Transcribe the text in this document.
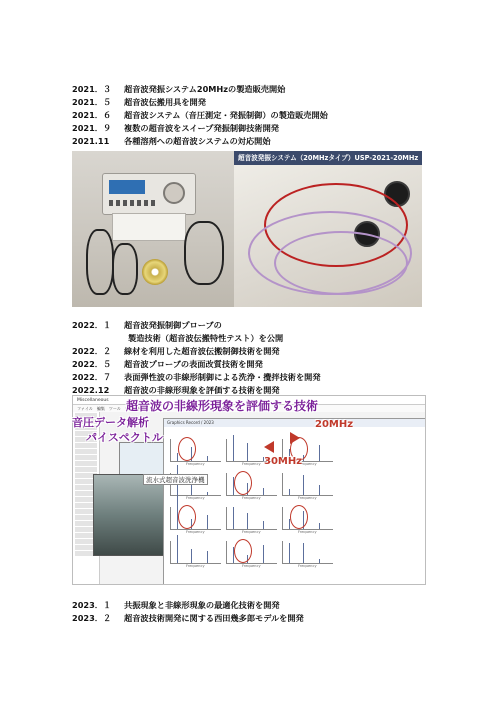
2021．３ 超音波発振システム20MHzの製造販売開始
2021．５ 超音波伝搬用具を開発
2021．６ 超音波システム（音圧測定・発振制御）の製造販売開始
2021．９ 複数の超音波をスイープ発振制御技術開発
2021.11 各種溶剤への超音波システムの対応開始
超音波発振システム（20MHzタイプ）USP-2021-20MHz
2022．１ 超音波発振制御プローブの
製造技術（超音波伝搬特性テスト）を公開
2022．２ 線材を利用した超音波伝搬制御技術を開発
2022．５ 超音波プローブの表面改質技術を開発
2022．７ 表面弾性波の非線形制御による洗浄・攪拌技術を開発
2022.12 超音波の非線形現象を評価する技術を開発
Miscellaneous
ファイル　編集　ツール　ウインドウ
Graphics Record / 2023
Frequency	Frequency	Frequency
Frequency	Frequency	Frequency
Frequency	Frequency	Frequency
Frequency	Frequency	Frequency
超音波の非線形現象を評価する技術
音圧データ解析
パイスペクトル
20MHz
30MHz
流水式超音波洗浄機
2023．１ 共振現象と非線形現象の最適化技術を開発
2023．２ 超音波技術開発に関する西田幾多郎モデルを開発
